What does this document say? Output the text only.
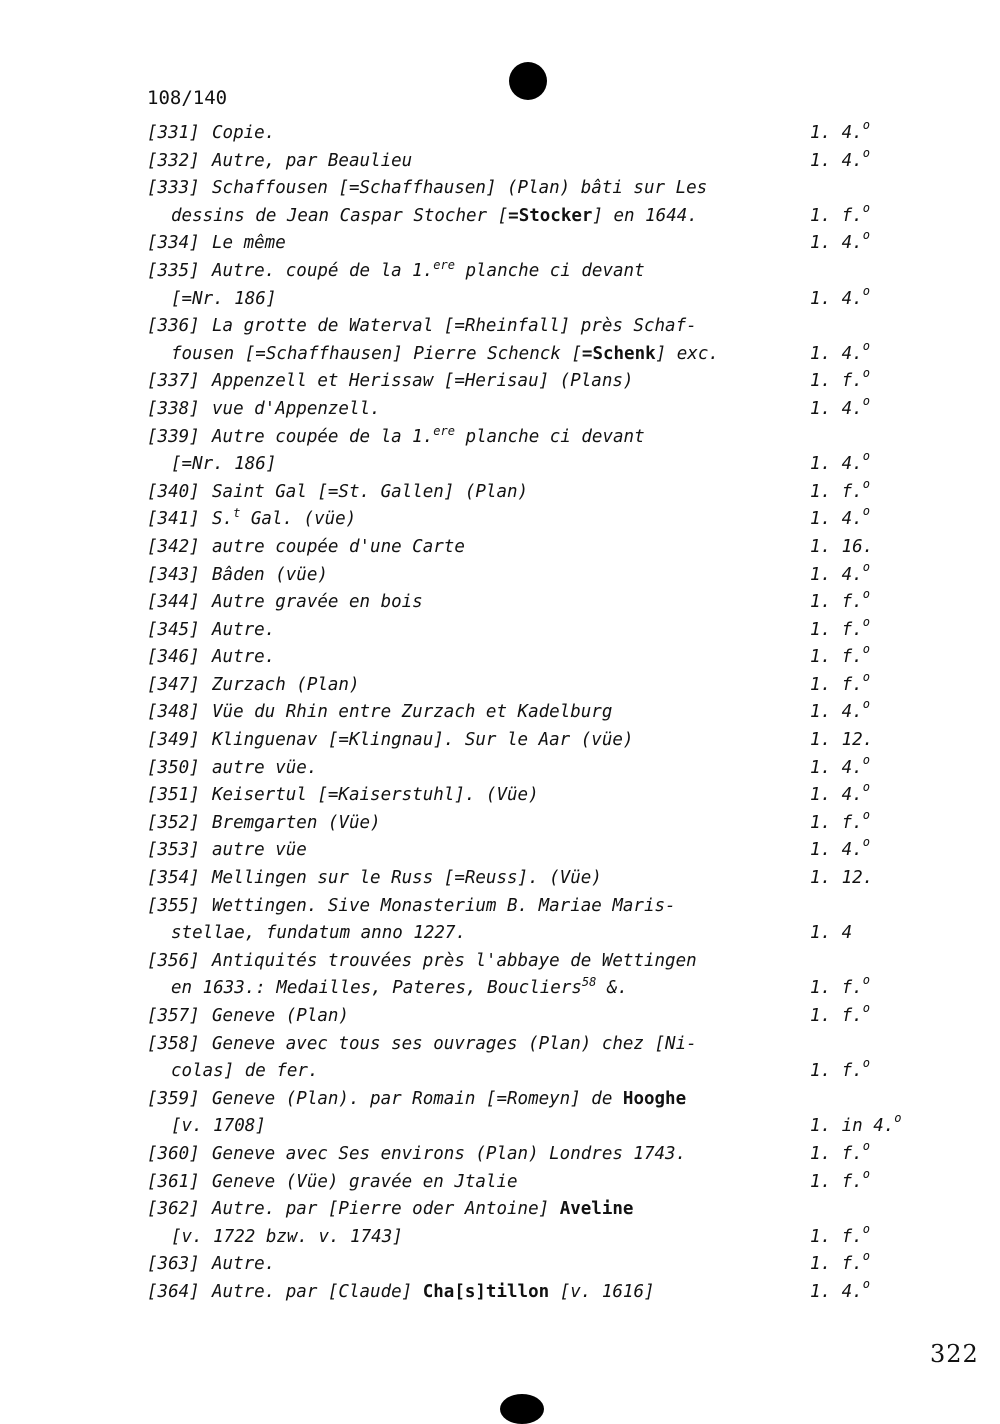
108/140
[331] Copie.	1. 4.$^o$
[332] Autre, par Beaulieu	1. 4.$^o$
[333] Schaffousen [=Schaffhausen] (Plan) bâti sur Les
dessins de Jean Caspar Stocher [=Stocker] en 1644.	1. f.$^o$
[334] Le même	1. 4.$^o$
[335] Autre. coupé de la 1.$^{ere}$ planche ci devant
[=Nr. 186]	1. 4.$^o$
[336] La grotte de Waterval [=Rheinfall] près Schaf-
fousen [=Schaffhausen] Pierre Schenck [=Schenk] exc.	1. 4.$^o$
[337] Appenzell et Herissaw [=Herisau] (Plans)	1. f.$^o$
[338] vue d'Appenzell.	1. 4.$^o$
[339] Autre coupée de la 1.$^{ere}$ planche ci devant
[=Nr. 186]	1. 4.$^o$
[340] Saint Gal [=St. Gallen] (Plan)	1. f.$^o$
[341] S.$^t$ Gal. (vüe)	1. 4.$^o$
[342] autre coupée d'une Carte	1. 16.
[343] Bâden (vüe)	1. 4.$^o$
[344] Autre gravée en bois	1. f.$^o$
[345] Autre.	1. f.$^o$
[346] Autre.	1. f.$^o$
[347] Zurzach (Plan)	1. f.$^o$
[348] Vüe du Rhin entre Zurzach et Kadelburg	1. 4.$^o$
[349] Klinguenav [=Klingnau]. Sur le Aar (vüe)	1. 12.
[350] autre vüe.	1. 4.$^o$
[351] Keisertul [=Kaiserstuhl]. (Vüe)	1. 4.$^o$
[352] Bremgarten (Vüe)	1. f.$^o$
[353] autre vüe	1. 4.$^o$
[354] Mellingen sur le Russ [=Reuss]. (Vüe)	1. 12.
[355] Wettingen. Sive Monasterium B. Mariae Maris-
stellae, fundatum anno 1227.	1. 4
[356] Antiquités trouvées près l'abbaye de Wettingen
en 1633.: Medailles, Pateres, Boucliers$^{58}$ &.	1. f.$^o$
[357] Geneve (Plan)	1. f.$^o$
[358] Geneve avec tous ses ouvrages (Plan) chez [Ni-
colas] de fer.	1. f.$^o$
[359] Geneve (Plan). par Romain [=Romeyn] de Hooghe
[v. 1708]	1. in 4.$^o$
[360] Geneve avec Ses environs (Plan) Londres 1743.	1. f.$^o$
[361] Geneve (Vüe) gravée en Jtalie	1. f.$^o$
[362] Autre. par [Pierre oder Antoine] Aveline
[v. 1722 bzw. v. 1743]	1. f.$^o$
[363] Autre.	1. f.$^o$
[364] Autre. par [Claude] Cha[s]tillon [v. 1616]	1. 4.$^o$
322
